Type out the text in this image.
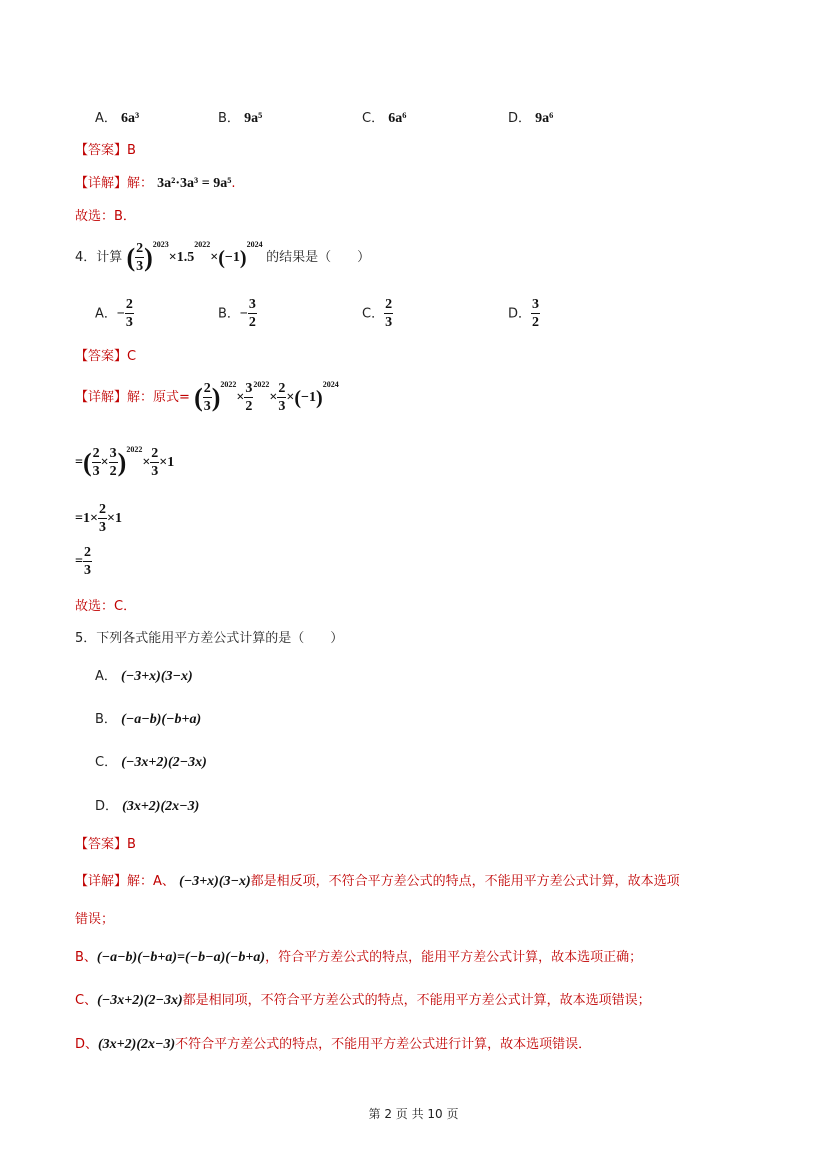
A． 6a³	B． 9a⁵	C． 6a⁶	D． 9a⁶
【答案】B
【详解】解： 3a²·3a³ = 9a⁵.
故选：B．
4．计算 ( $\frac{2}{3} )^{2023}\times 1.5^{2022}\times(-1)^{2024}$ 的结果是（　　）
A．− $\frac{2}{3}$	B．− $\frac{3}{2}$	C． $\frac{2}{3}$	D． $\frac{3}{2}$
【答案】C
【详解】解：原式= ( $\frac{2}{3} )^{2022}\times \frac{3}{2} ^{2022}\times \frac{2}{3} \times(-1)^{2024}$
=( $\frac{2}{3} \times \frac{3}{2} )^{2022}\times \frac{2}{3} \times 1$
$=1\times \frac{2}{3} \times 1$
= $\frac{2}{3}$
故选：C．
5．下列各式能用平方差公式计算的是（　　）
A． (−3+x)(3−x)
B． (−a−b)(−b+a)
C． (−3x+2)(2−3x)
D． (3x+2)(2x−3)
【答案】B
【详解】解：A、 (−3+x)(3−x)都是相反项，不符合平方差公式的特点，不能用平方差公式计算，故本选项
错误；
B、(−a−b)(−b+a)=(−b−a)(−b+a)，符合平方差公式的特点，能用平方差公式计算，故本选项正确；
C、(−3x+2)(2−3x)都是相同项，不符合平方差公式的特点，不能用平方差公式计算，故本选项错误；
D、(3x+2)(2x−3)不符合平方差公式的特点，不能用平方差公式进行计算，故本选项错误．
第 2 页 共 10 页
